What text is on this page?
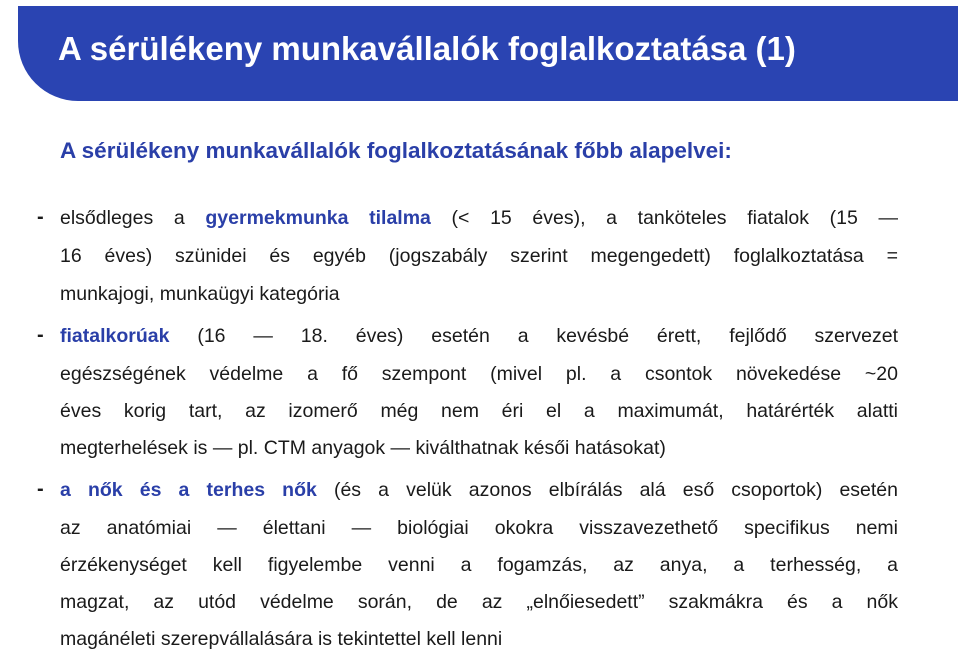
A sérülékeny munkavállalók foglalkoztatása (1)
A sérülékeny munkavállalók foglalkoztatásának főbb alapelvei:
- elsődleges a gyermekmunka tilalma (< 15 éves), a tanköteles fiatalok (15 —
16 éves) szünidei és egyéb (jogszabály szerint megengedett) foglalkoztatása =
munkajogi, munkaügyi kategória
- fiatalkorúak (16 — 18. éves) esetén a kevésbé érett, fejlődő szervezet
egészségének védelme a fő szempont (mivel pl. a csontok növekedése ~20
éves korig tart, az izomerő még nem éri el a maximumát, határérték alatti
megterhelések is — pl. CTM anyagok — kiválthatnak késői hatásokat)
- a nők és a terhes nők (és a velük azonos elbírálás alá eső csoportok) esetén
az anatómiai — élettani — biológiai okokra visszavezethető specifikus nemi
érzékenységet kell figyelembe venni a fogamzás, az anya, a terhesség, a
magzat, az utód védelme során, de az „elnőiesedett” szakmákra és a nők
magánéleti szerepvállalására is tekintettel kell lenni
